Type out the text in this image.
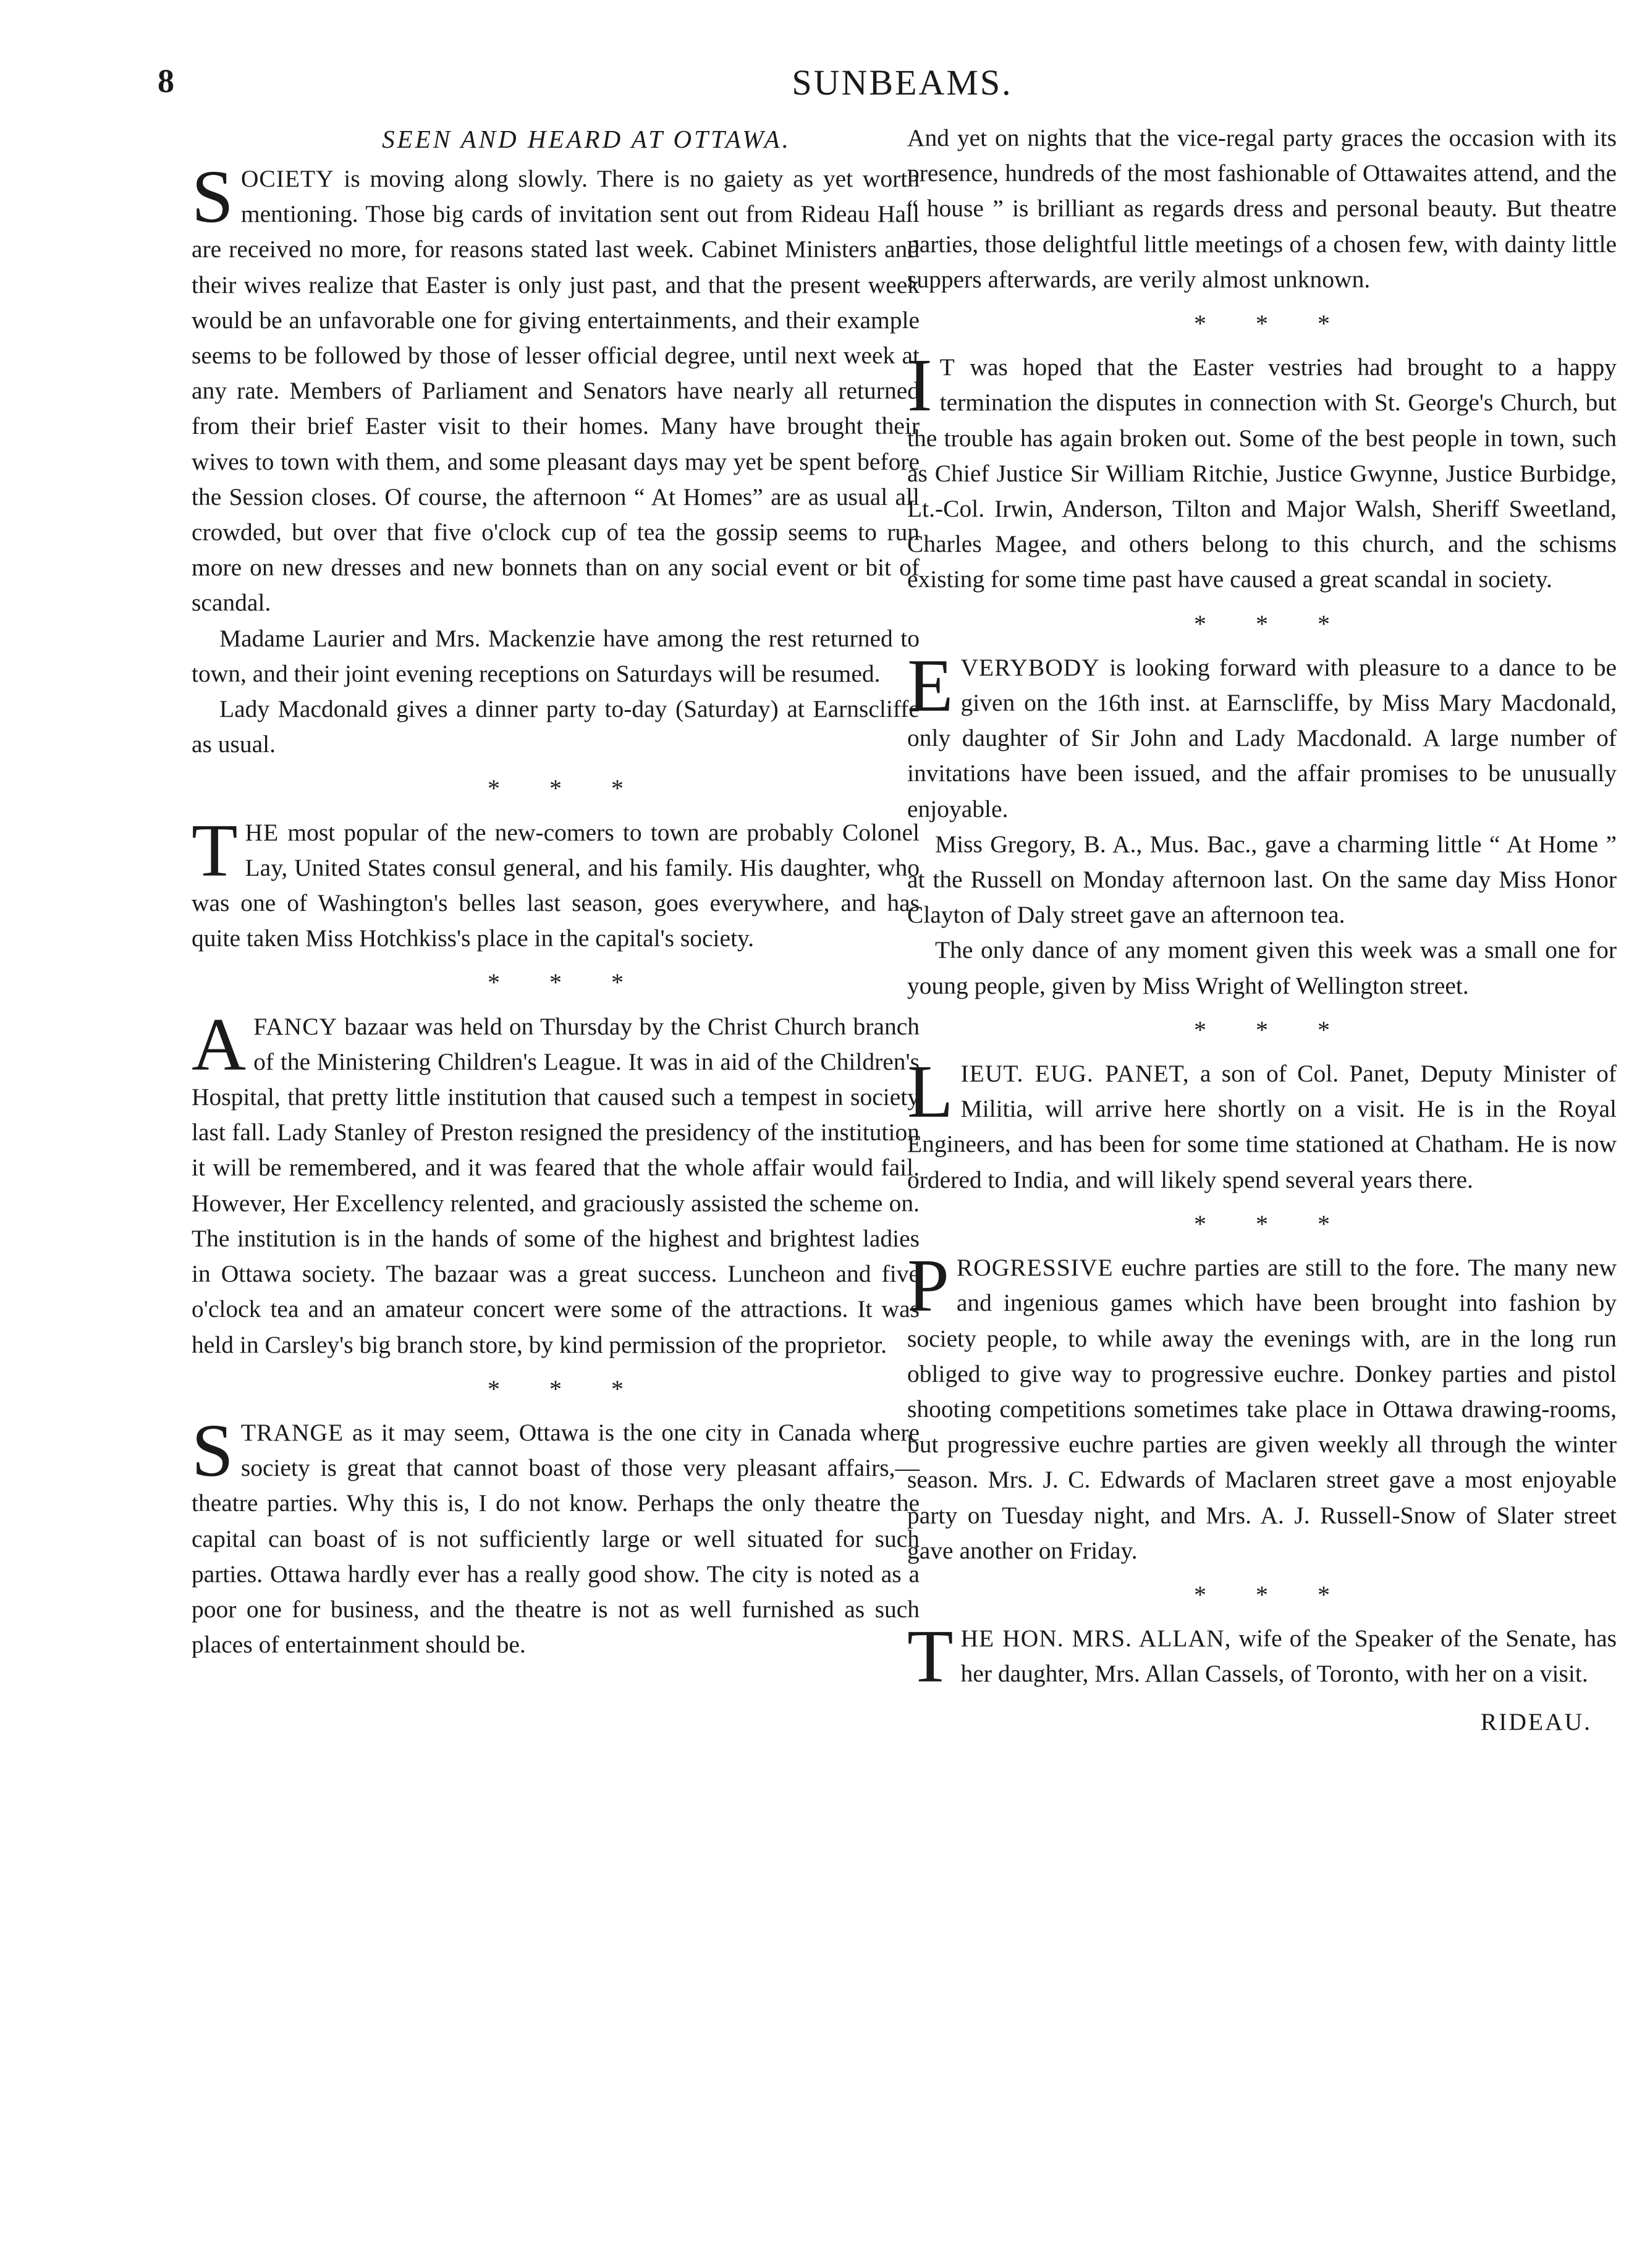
8	SUNBEAMS.
SEEN AND HEARD AT OTTAWA.

SOCIETY is moving along slowly. There is no gaiety as yet worth mentioning. Those big cards of invitation sent out from Rideau Hall are received no more, for reasons stated last week. Cabinet Ministers and their wives realize that Easter is only just past, and that the present week would be an unfavorable one for giving entertainments, and their example seems to be followed by those of lesser official degree, until next week at any rate. Members of Parliament and Senators have nearly all returned from their brief Easter visit to their homes. Many have brought their wives to town with them, and some pleasant days may yet be spent before the Session closes. Of course, the afternoon “ At Homes” are as usual all crowded, but over that five o'clock cup of tea the gossip seems to run more on new dresses and new bonnets than on any social event or bit of scandal.

Madame Laurier and Mrs. Mackenzie have among the rest returned to town, and their joint evening receptions on Saturdays will be resumed.

Lady Macdonald gives a dinner party to-day (Saturday) at Earnscliffe as usual.

* * *

THE most popular of the new-comers to town are probably Colonel Lay, United States consul general, and his family. His daughter, who was one of Washington's belles last season, goes everywhere, and has quite taken Miss Hotchkiss's place in the capital's society.

* * *

AFANCY bazaar was held on Thursday by the Christ Church branch of the Ministering Children's League. It was in aid of the Children's Hospital, that pretty little institution that caused such a tempest in society last fall. Lady Stanley of Preston resigned the presidency of the institution it will be remembered, and it was feared that the whole affair would fail. However, Her Excellency relented, and graciously assisted the scheme on. The institution is in the hands of some of the highest and brightest ladies in Ottawa society. The bazaar was a great success. Luncheon and five o'clock tea and an amateur concert were some of the attractions. It was held in Carsley's big branch store, by kind permission of the proprietor.

* * *

STRANGE as it may seem, Ottawa is the one city in Canada where society is great that cannot boast of those very pleasant affairs,—theatre parties. Why this is, I do not know. Perhaps the only theatre the capital can boast of is not sufficiently large or well situated for such parties. Ottawa hardly ever has a really good show. The city is noted as a poor one for business, and the theatre is not as well furnished as such places of entertainment should be.

And yet on nights that the vice-regal party graces the occasion with its presence, hundreds of the most fashionable of Ottawaites attend, and the “ house ” is brilliant as regards dress and personal beauty. But theatre parties, those delightful little meetings of a chosen few, with dainty little suppers afterwards, are verily almost unknown.

* * *

I T was hoped that the Easter vestries had brought to a happy termination the disputes in connection with St. George's Church, but the trouble has again broken out. Some of the best people in town, such as Chief Justice Sir William Ritchie, Justice Gwynne, Justice Burbidge, Lt.-Col. Irwin, Anderson, Tilton and Major Walsh, Sheriff Sweetland, Charles Magee, and others belong to this church, and the schisms existing for some time past have caused a great scandal in society.

* * *

EVERYBODY is looking forward with pleasure to a dance to be given on the 16th inst. at Earnscliffe, by Miss Mary Macdonald, only daughter of Sir John and Lady Macdonald. A large number of invitations have been issued, and the affair promises to be unusually enjoyable.

Miss Gregory, B. A., Mus. Bac., gave a charming little “ At Home ” at the Russell on Monday afternoon last. On the same day Miss Honor Clayton of Daly street gave an afternoon tea.

The only dance of any moment given this week was a small one for young people, given by Miss Wright of Wellington street.

* * *

LIEUT. EUG. PANET, a son of Col. Panet, Deputy Minister of Militia, will arrive here shortly on a visit. He is in the Royal Engineers, and has been for some time stationed at Chatham. He is now ordered to India, and will likely spend several years there.

* * *

PROGRESSIVE euchre parties are still to the fore. The many new and ingenious games which have been brought into fashion by society people, to while away the evenings with, are in the long run obliged to give way to progressive euchre. Donkey parties and pistol shooting competitions sometimes take place in Ottawa drawing-rooms, but progressive euchre parties are given weekly all through the winter season. Mrs. J. C. Edwards of Maclaren street gave a most enjoyable party on Tuesday night, and Mrs. A. J. Russell-Snow of Slater street gave another on Friday.

* * *

THE HON. MRS. ALLAN, wife of the Speaker of the Senate, has her daughter, Mrs. Allan Cassels, of Toronto, with her on a visit.

RIDEAU.
